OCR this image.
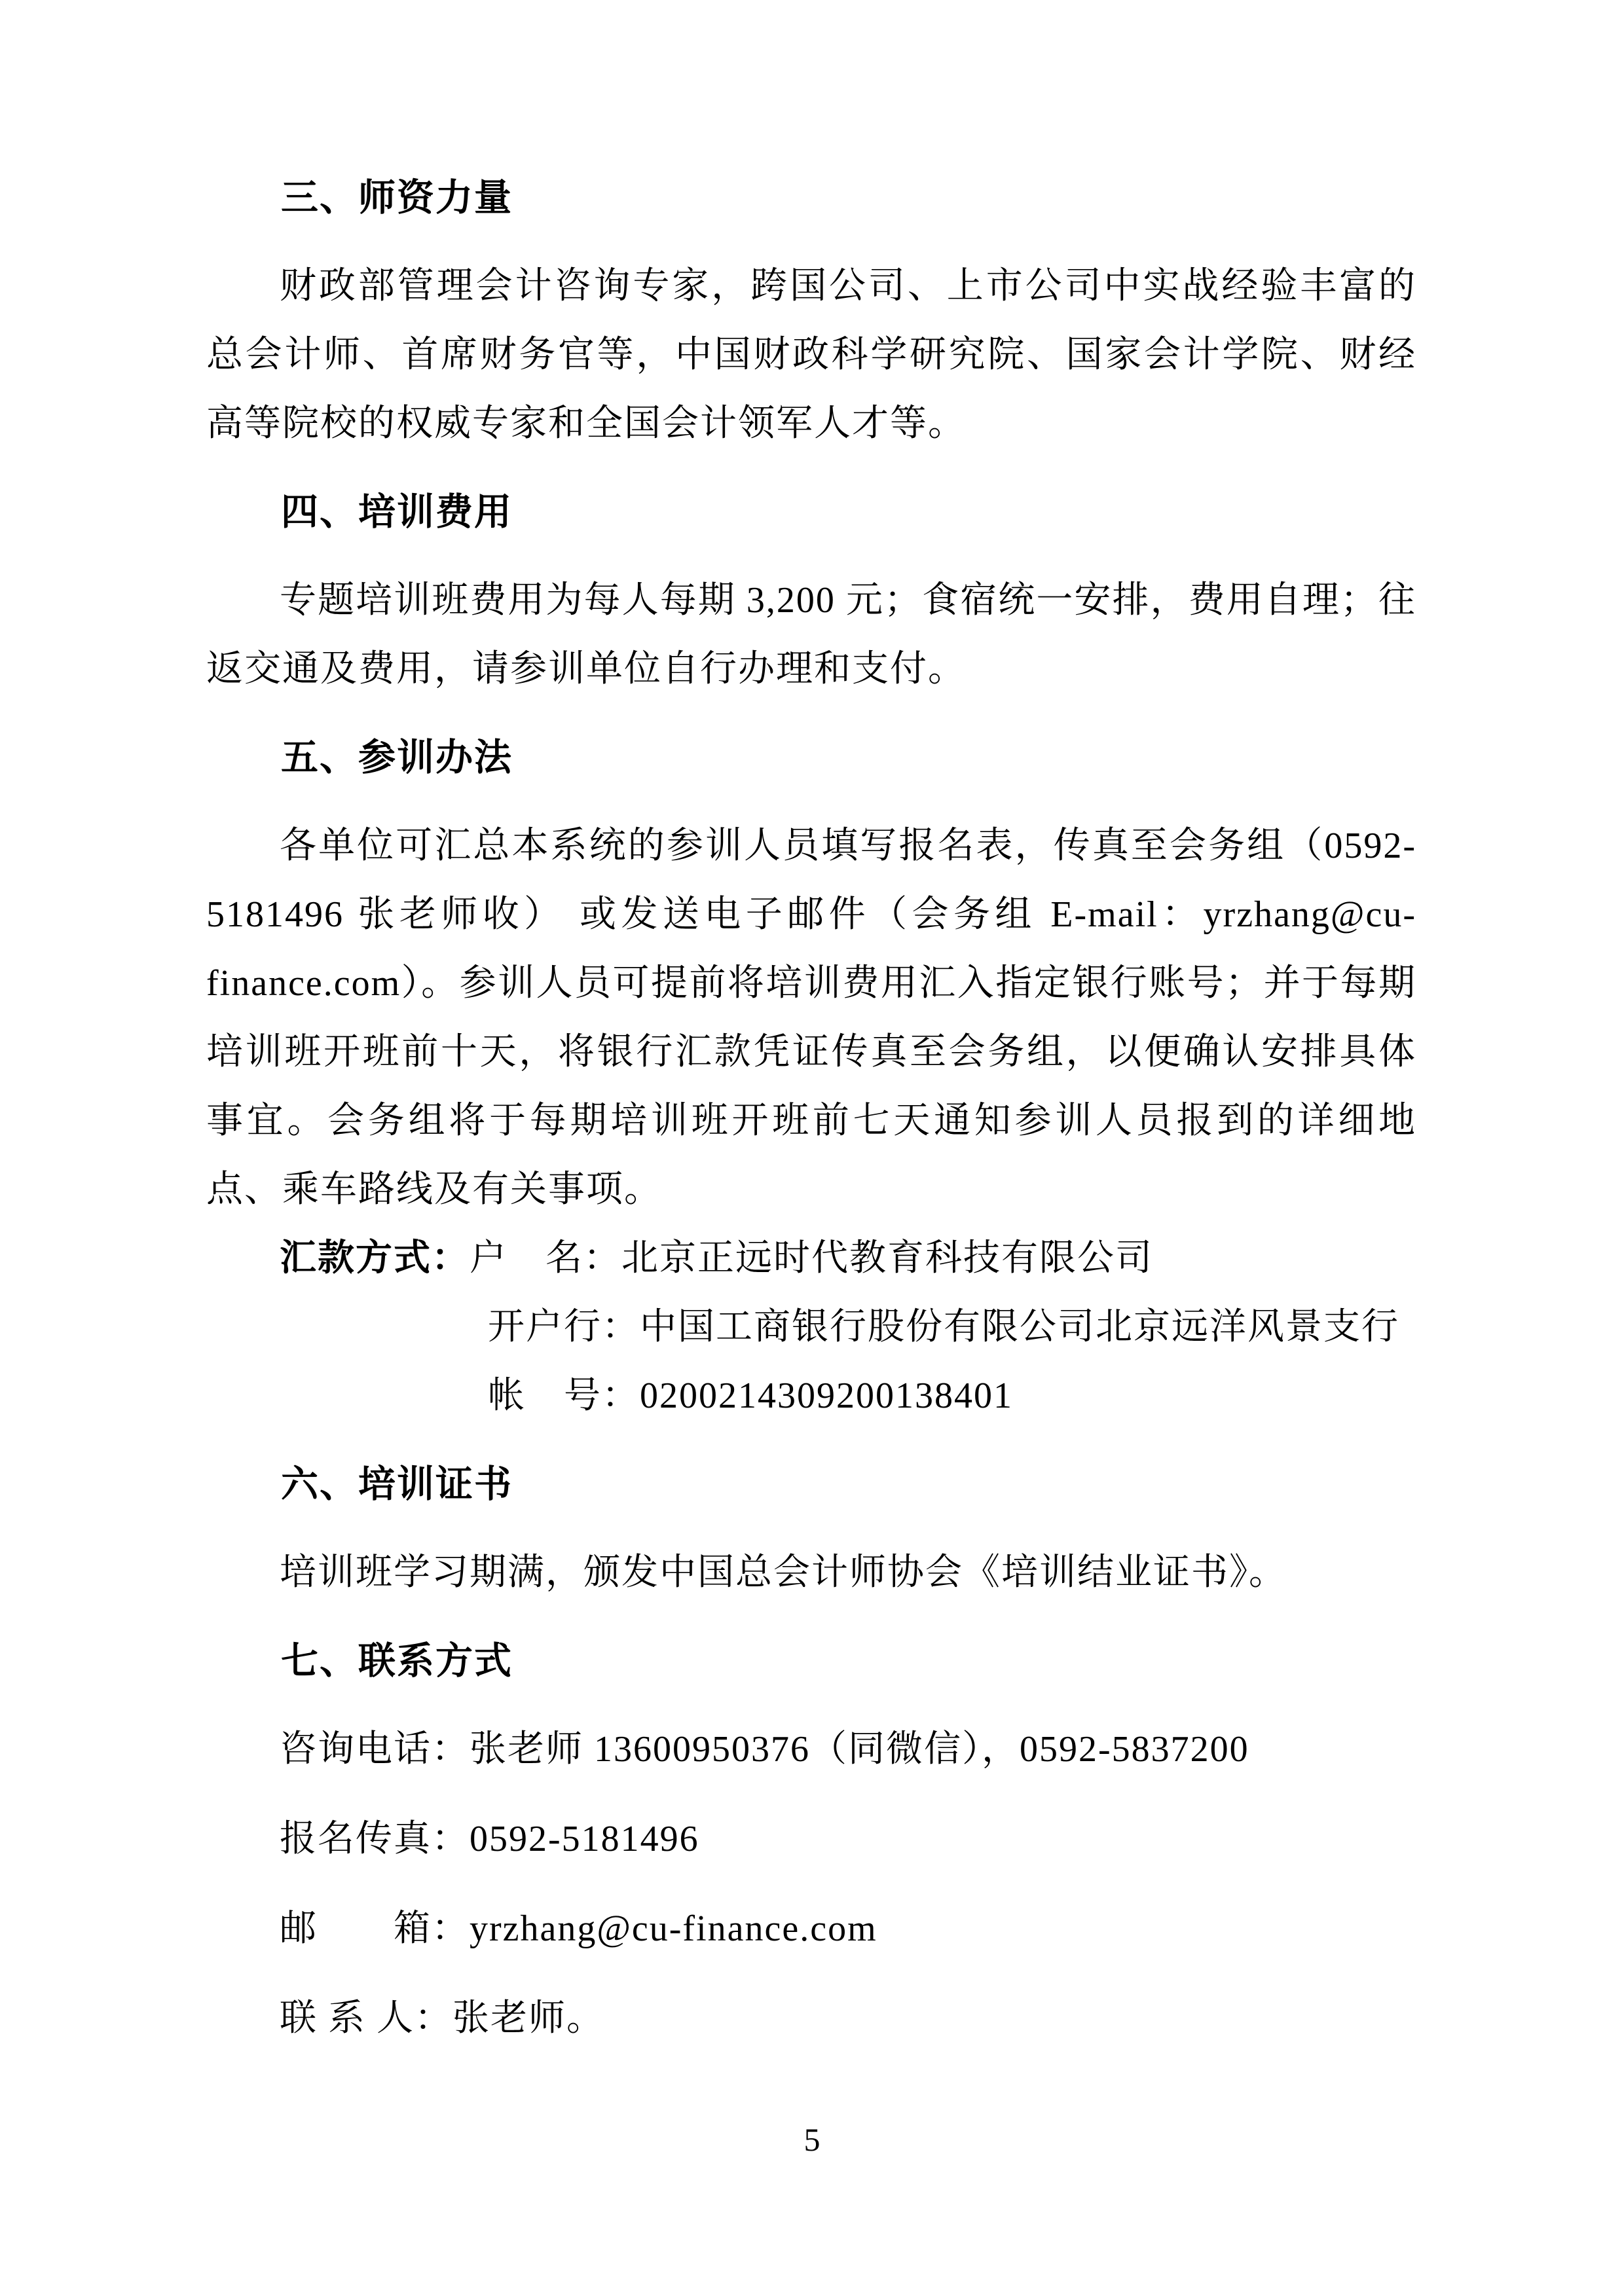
三、师资力量

财政部管理会计咨询专家，跨国公司、上市公司中实战经验丰富的总会计师、首席财务官等，中国财政科学研究院、国家会计学院、财经高等院校的权威专家和全国会计领军人才等。

四、培训费用

专题培训班费用为每人每期 3,200 元；食宿统一安排，费用自理；往返交通及费用，请参训单位自行办理和支付。

五、参训办法

各单位可汇总本系统的参训人员填写报名表，传真至会务组（0592-5181496 张老师收） 或发送电子邮件（会务组 E-mail：yrzhang@cu-finance.com）。参训人员可提前将培训费用汇入指定银行账号；并于每期培训班开班前十天，将银行汇款凭证传真至会务组，以便确认安排具体事宜。会务组将于每期培训班开班前七天通知参训人员报到的详细地点、乘车路线及有关事项。

汇款方式：户　名：北京正远时代教育科技有限公司

开户行：中国工商银行股份有限公司北京远洋风景支行

帐　号：0200214309200138401

六、培训证书

培训班学习期满，颁发中国总会计师协会《培训结业证书》。

七、联系方式

咨询电话：张老师 13600950376（同微信），0592-5837200

报名传真：0592-5181496

邮　　箱：yrzhang@cu-finance.com

联 系 人：张老师。

5
